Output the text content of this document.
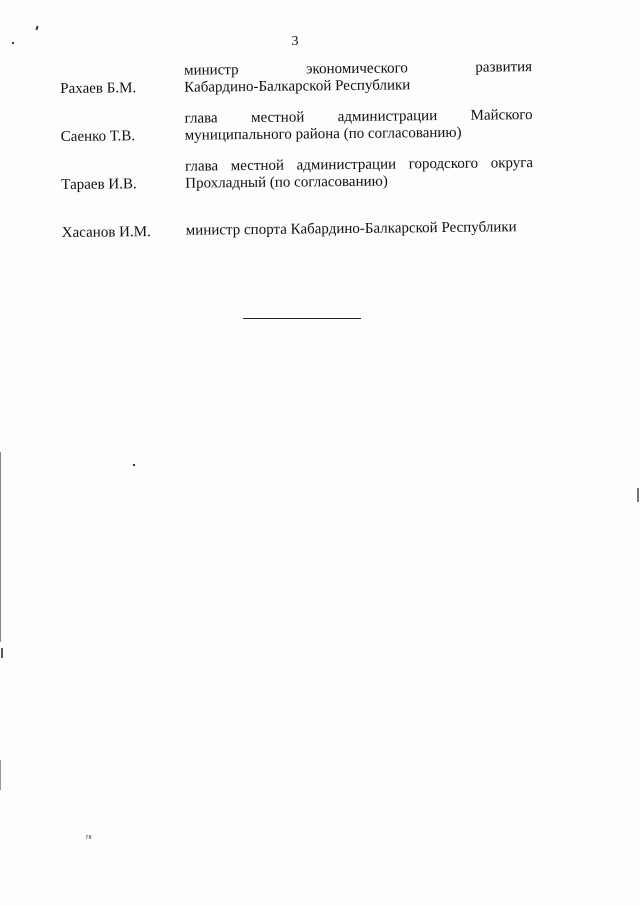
3
Рахаев Б.М.
министр экономического развития
Кабардино-Балкарской Республики
Саенко Т.В.
глава местной администрации Майского
муниципального района (по согласованию)
Тараев И.В.
глава местной администрации городского округа
Прохладный (по согласованию)
Хасанов И.М.	министр спорта Кабардино-Балкарской Республики
гк
